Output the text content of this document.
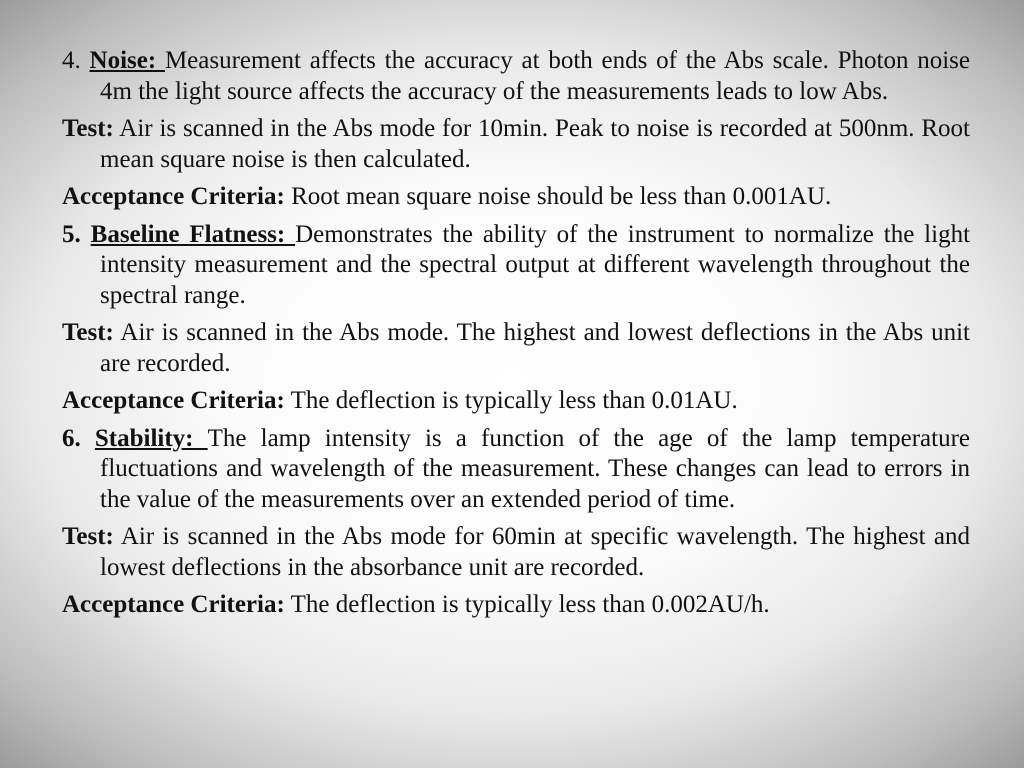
4. Noise: Measurement affects the accuracy at both ends of the Abs scale. Photon noise 4m the light source affects the accuracy of the measurements leads to low Abs.

Test: Air is scanned in the Abs mode for 10min. Peak to noise is recorded at 500nm. Root mean square noise is then calculated.

Acceptance Criteria: Root mean square noise should be less than 0.001AU.

5. Baseline Flatness: Demonstrates the ability of the instrument to normalize the light intensity measurement and the spectral output at different wavelength throughout the spectral range.

Test: Air is scanned in the Abs mode. The highest and lowest deflections in the Abs unit are recorded.

Acceptance Criteria: The deflection is typically less than 0.01AU.

6. Stability: The lamp intensity is a function of the age of the lamp temperature fluctuations and wavelength of the measurement. These changes can lead to errors in the value of the measurements over an extended period of time.

Test: Air is scanned in the Abs mode for 60min at specific wavelength. The highest and lowest deflections in the absorbance unit are recorded.

Acceptance Criteria: The deflection is typically less than 0.002AU/h.
